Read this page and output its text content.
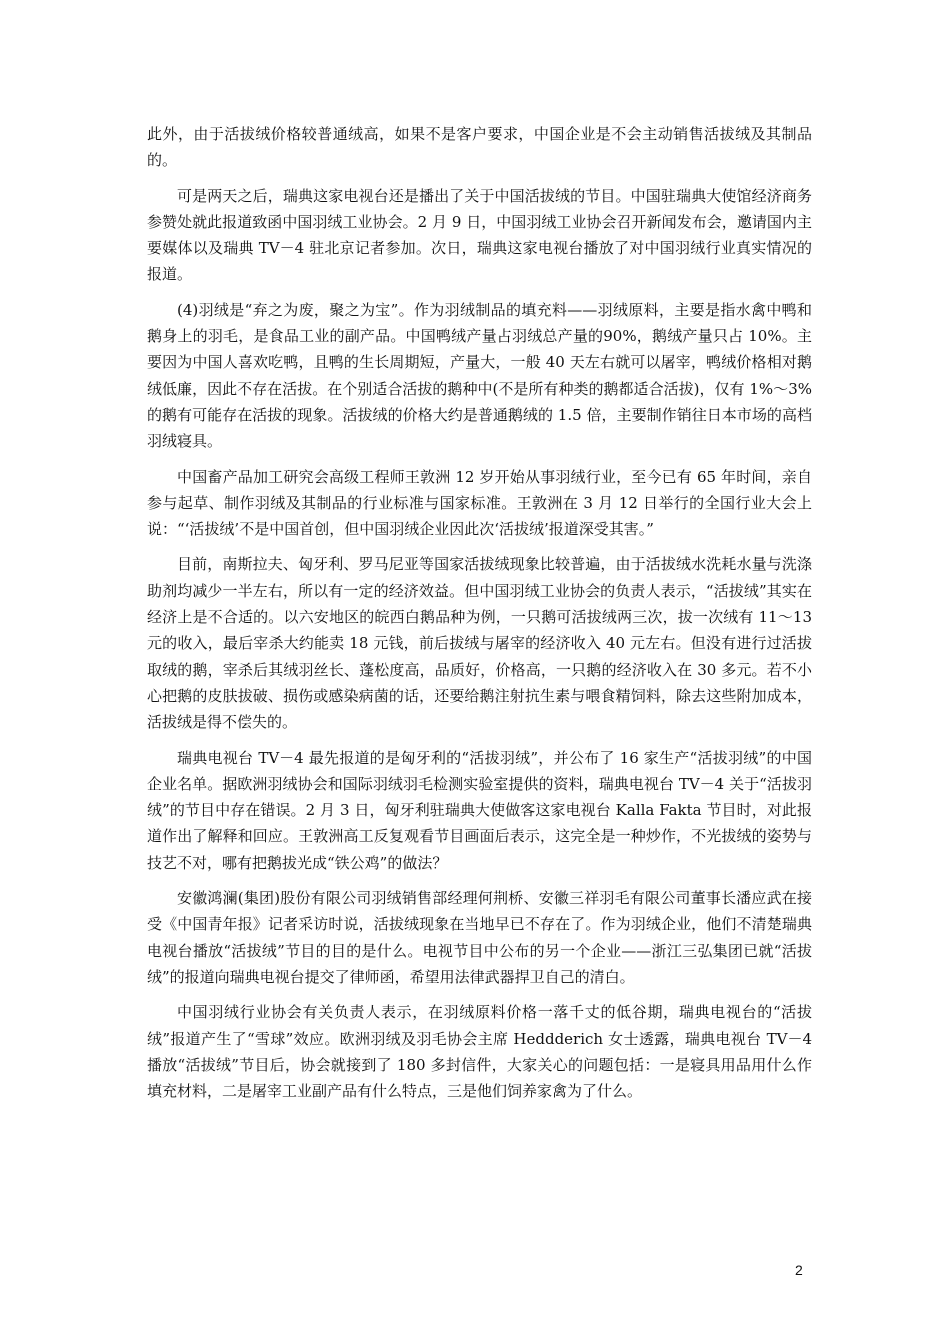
此外，由于活拔绒价格较普通绒高，如果不是客户要求，中国企业是不会主动销售活拔绒及其制品的。

可是两天之后，瑞典这家电视台还是播出了关于中国活拔绒的节目。中国驻瑞典大使馆经济商务参赞处就此报道致函中国羽绒工业协会。2 月 9 日，中国羽绒工业协会召开新闻发布会，邀请国内主要媒体以及瑞典 TV－4 驻北京记者参加。次日，瑞典这家电视台播放了对中国羽绒行业真实情况的报道。

(4)羽绒是“弃之为废，聚之为宝”。作为羽绒制品的填充料——羽绒原料，主要是指水禽中鸭和鹅身上的羽毛，是食品工业的副产品。中国鸭绒产量占羽绒总产量的90%，鹅绒产量只占 10%。主要因为中国人喜欢吃鸭，且鸭的生长周期短，产量大，一般 40 天左右就可以屠宰，鸭绒价格相对鹅绒低廉，因此不存在活拔。在个别适合活拔的鹅种中(不是所有种类的鹅都适合活拔)，仅有 1%～3%的鹅有可能存在活拔的现象。活拔绒的价格大约是普通鹅绒的 1.5 倍，主要制作销往日本市场的高档羽绒寝具。

中国畜产品加工研究会高级工程师王敦洲 12 岁开始从事羽绒行业，至今已有 65 年时间，亲自参与起草、制作羽绒及其制品的行业标准与国家标准。王敦洲在 3 月 12 日举行的全国行业大会上说：“‘活拔绒’不是中国首创，但中国羽绒企业因此次‘活拔绒’报道深受其害。”

目前，南斯拉夫、匈牙利、罗马尼亚等国家活拔绒现象比较普遍，由于活拔绒水洗耗水量与洗涤助剂均减少一半左右，所以有一定的经济效益。但中国羽绒工业协会的负责人表示，“活拔绒”其实在经济上是不合适的。以六安地区的皖西白鹅品种为例，一只鹅可活拔绒两三次，拔一次绒有 11～13 元的收入，最后宰杀大约能卖 18 元钱，前后拔绒与屠宰的经济收入 40 元左右。但没有进行过活拔取绒的鹅，宰杀后其绒羽丝长、蓬松度高，品质好，价格高，一只鹅的经济收入在 30 多元。若不小心把鹅的皮肤拔破、损伤或感染病菌的话，还要给鹅注射抗生素与喂食精饲料，除去这些附加成本，活拔绒是得不偿失的。

瑞典电视台 TV－4 最先报道的是匈牙利的“活拔羽绒”，并公布了 16 家生产“活拔羽绒”的中国企业名单。据欧洲羽绒协会和国际羽绒羽毛检测实验室提供的资料，瑞典电视台 TV－4 关于“活拔羽绒”的节目中存在错误。2 月 3 日，匈牙利驻瑞典大使做客这家电视台 Kalla Fakta 节目时，对此报道作出了解释和回应。王敦洲高工反复观看节目画面后表示，这完全是一种炒作，不光拔绒的姿势与技艺不对，哪有把鹅拔光成“铁公鸡”的做法？

安徽鸿澜(集团)股份有限公司羽绒销售部经理何荆桥、安徽三祥羽毛有限公司董事长潘应武在接受《中国青年报》记者采访时说，活拔绒现象在当地早已不存在了。作为羽绒企业，他们不清楚瑞典电视台播放“活拔绒”节目的目的是什么。电视节目中公布的另一个企业——浙江三弘集团已就“活拔绒”的报道向瑞典电视台提交了律师函，希望用法律武器捍卫自己的清白。

中国羽绒行业协会有关负责人表示，在羽绒原料价格一落千丈的低谷期，瑞典电视台的“活拔绒”报道产生了“雪球”效应。欧洲羽绒及羽毛协会主席 Heddderich 女士透露，瑞典电视台 TV－4 播放“活拔绒”节目后，协会就接到了 180 多封信件，大家关心的问题包括：一是寝具用品用什么作填充材料，二是屠宰工业副产品有什么特点，三是他们饲养家禽为了什么。

2
